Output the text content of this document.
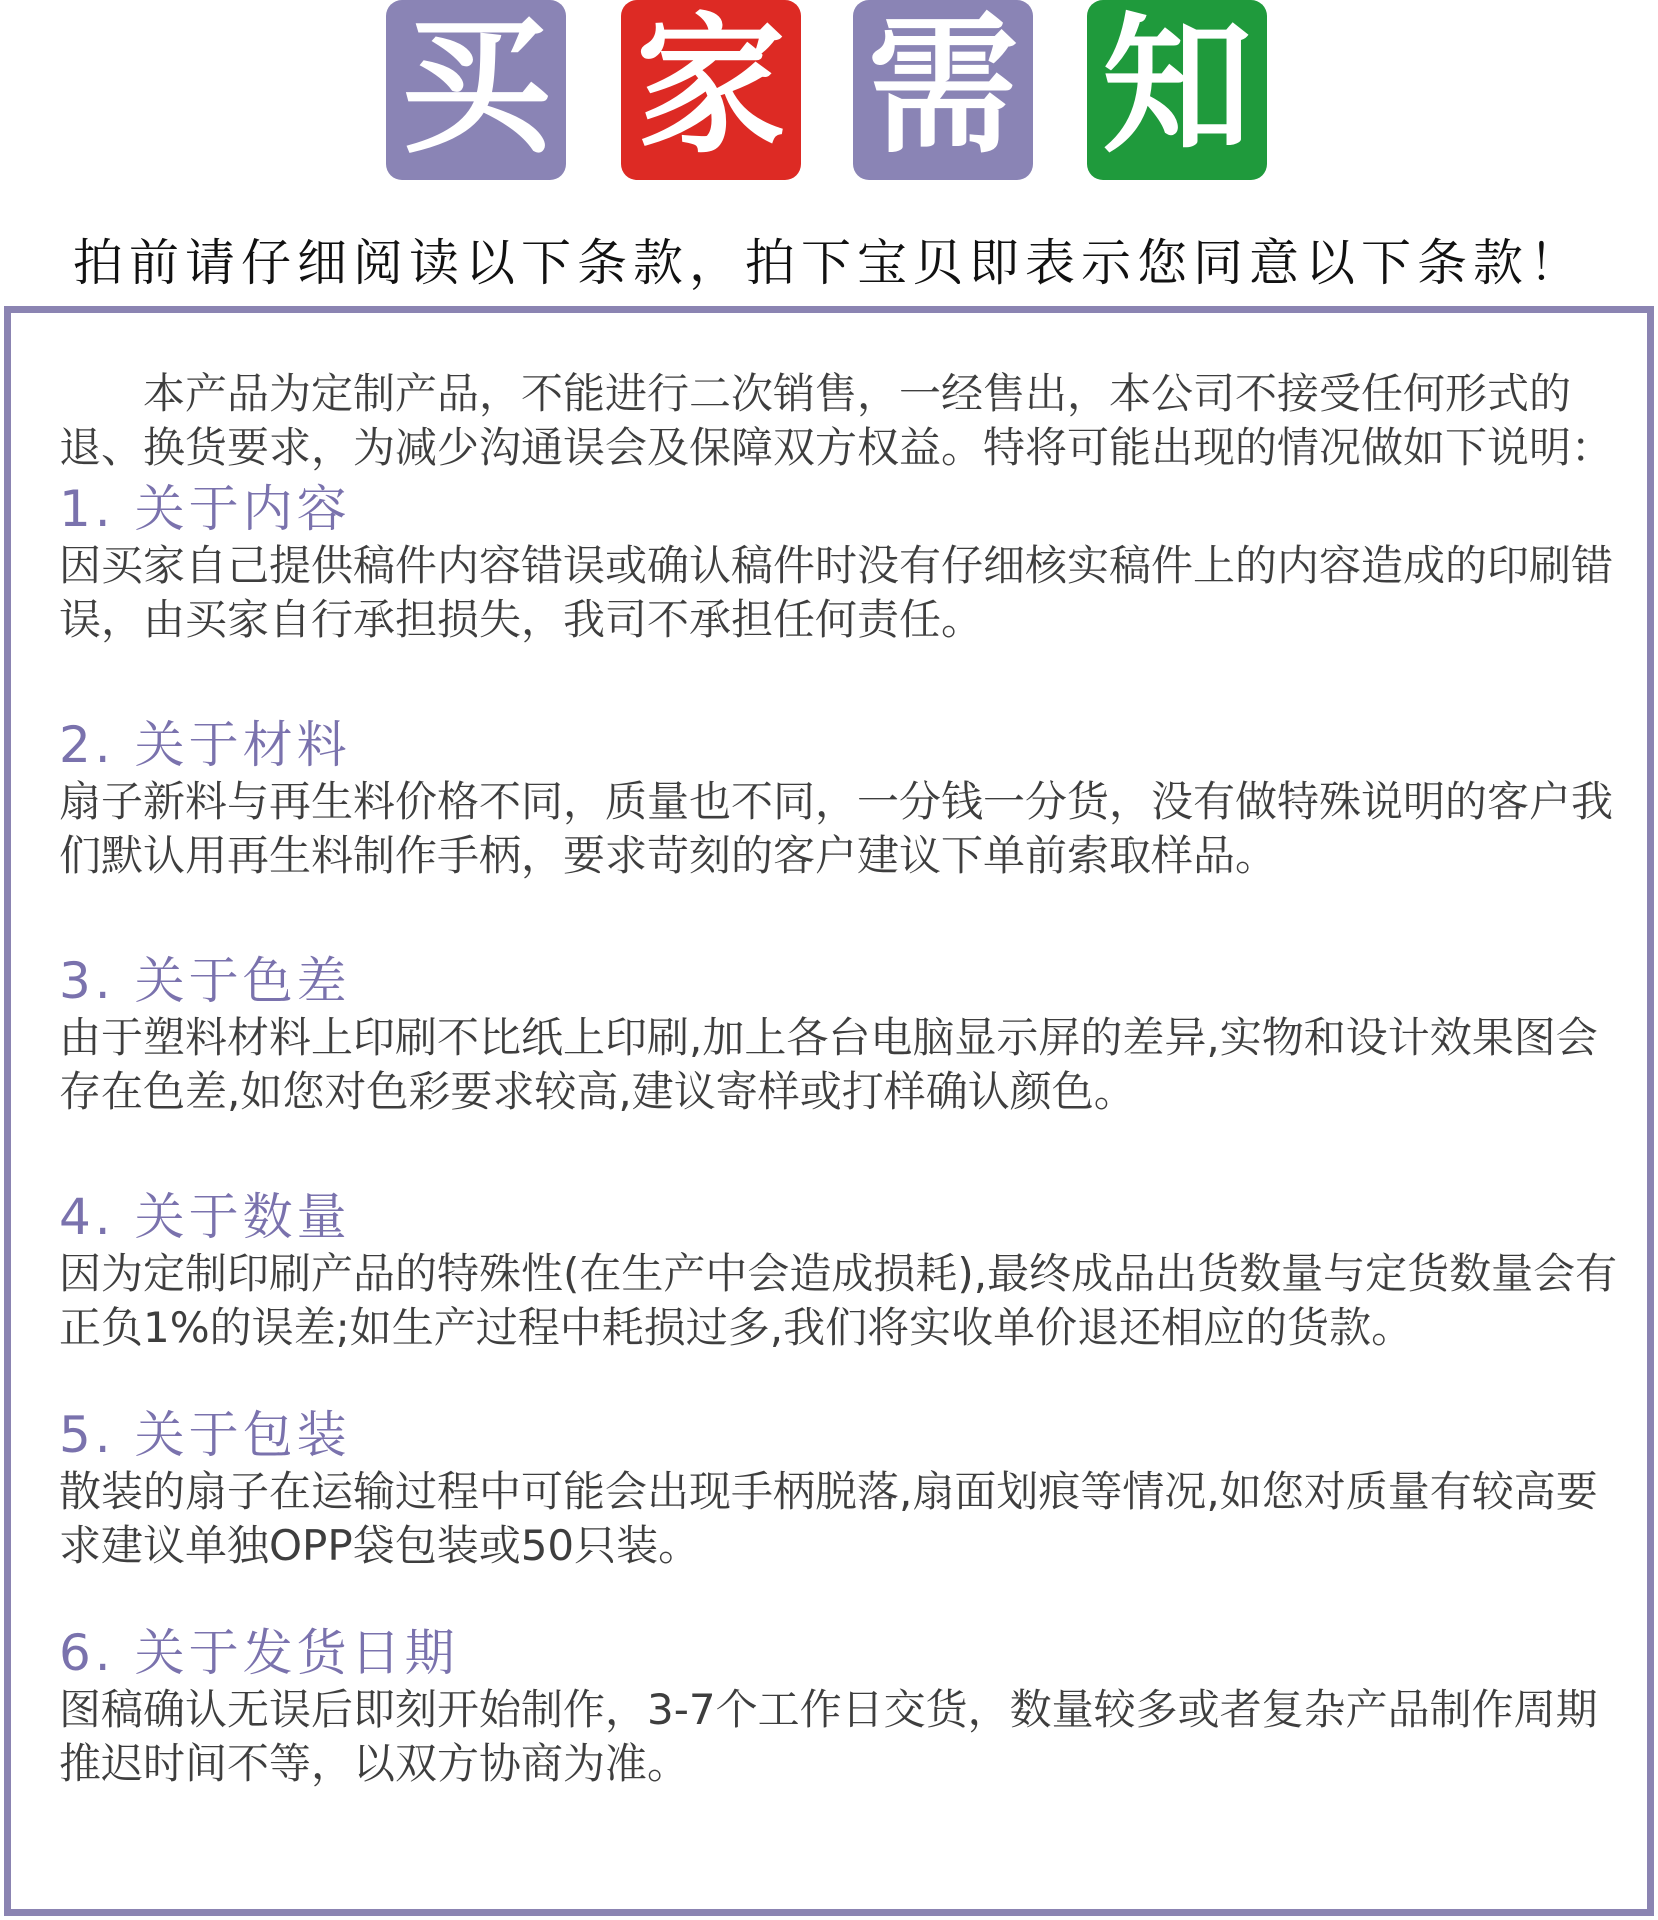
买 家 需 知
拍前请仔细阅读以下条款，拍下宝贝即表示您同意以下条款！

本产品为定制产品，不能进行二次销售，一经售出，本公司不接受任何形式的退、换货要求，为减少沟通误会及保障双方权益。特将可能出现的情况做如下说明：

1. 关于内容

因买家自己提供稿件内容错误或确认稿件时没有仔细核实稿件上的内容造成的印刷错误，由买家自行承担损失，我司不承担任何责任。

2. 关于材料

扇子新料与再生料价格不同，质量也不同，一分钱一分货，没有做特殊说明的客户我们默认用再生料制作手柄，要求苛刻的客户建议下单前索取样品。

3. 关于色差

由于塑料材料上印刷不比纸上印刷,加上各台电脑显示屏的差异,实物和设计效果图会存在色差,如您对色彩要求较高,建议寄样或打样确认颜色。

4. 关于数量

因为定制印刷产品的特殊性(在生产中会造成损耗),最终成品出货数量与定货数量会有正负1%的误差;如生产过程中耗损过多,我们将实收单价退还相应的货款。

5. 关于包装

散装的扇子在运输过程中可能会出现手柄脱落,扇面划痕等情况,如您对质量有较高要求建议单独OPP袋包装或50只装。

6. 关于发货日期

图稿确认无误后即刻开始制作，3-7个工作日交货，数量较多或者复杂产品制作周期推迟时间不等，以双方协商为准。
